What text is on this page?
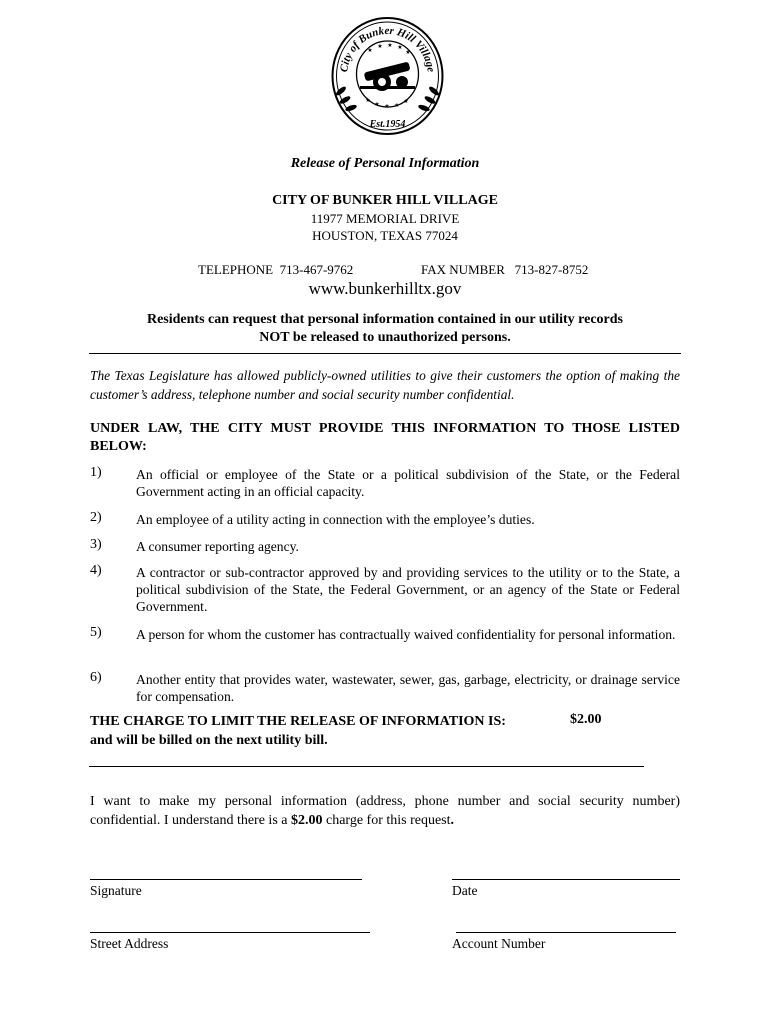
City of Bunker Hill Village
★
★ ★ ★
★
★
★ ★ ★
★
Est.1954
Release of Personal Information
CITY OF BUNKER HILL VILLAGE
11977 MEMORIAL DRIVE
HOUSTON, TEXAS 77024
TELEPHONE 713-467-9762	FAX NUMBER 713-827-8752
www.bunkerhilltx.gov
Residents can request that personal information contained in our utility records
NOT be released to unauthorized persons.
The Texas Legislature has allowed publicly-owned utilities to give their customers the option of making the customer’s address, telephone number and social security number confidential.
UNDER LAW, THE CITY MUST PROVIDE THIS INFORMATION TO THOSE LISTED BELOW:
1)	An official or employee of the State or a political subdivision of the State, or the Federal Government acting in an official capacity.
2)	An employee of a utility acting in connection with the employee’s duties.
3)	A consumer reporting agency.
4)	A contractor or sub-contractor approved by and providing services to the utility or to the State, a political subdivision of the State, the Federal Government, or an agency of the State or Federal Government.
5)	A person for whom the customer has contractually waived confidentiality for personal information.
6)	Another entity that provides water, wastewater, sewer, gas, garbage, electricity, or drainage service for compensation.
THE CHARGE TO LIMIT THE RELEASE OF INFORMATION IS:
and will be billed on the next utility bill.
$2.00
I want to make my personal information (address, phone number and social security number) confidential. I understand there is a $2.00 charge for this request.
Signature	Date
Street Address	Account Number
